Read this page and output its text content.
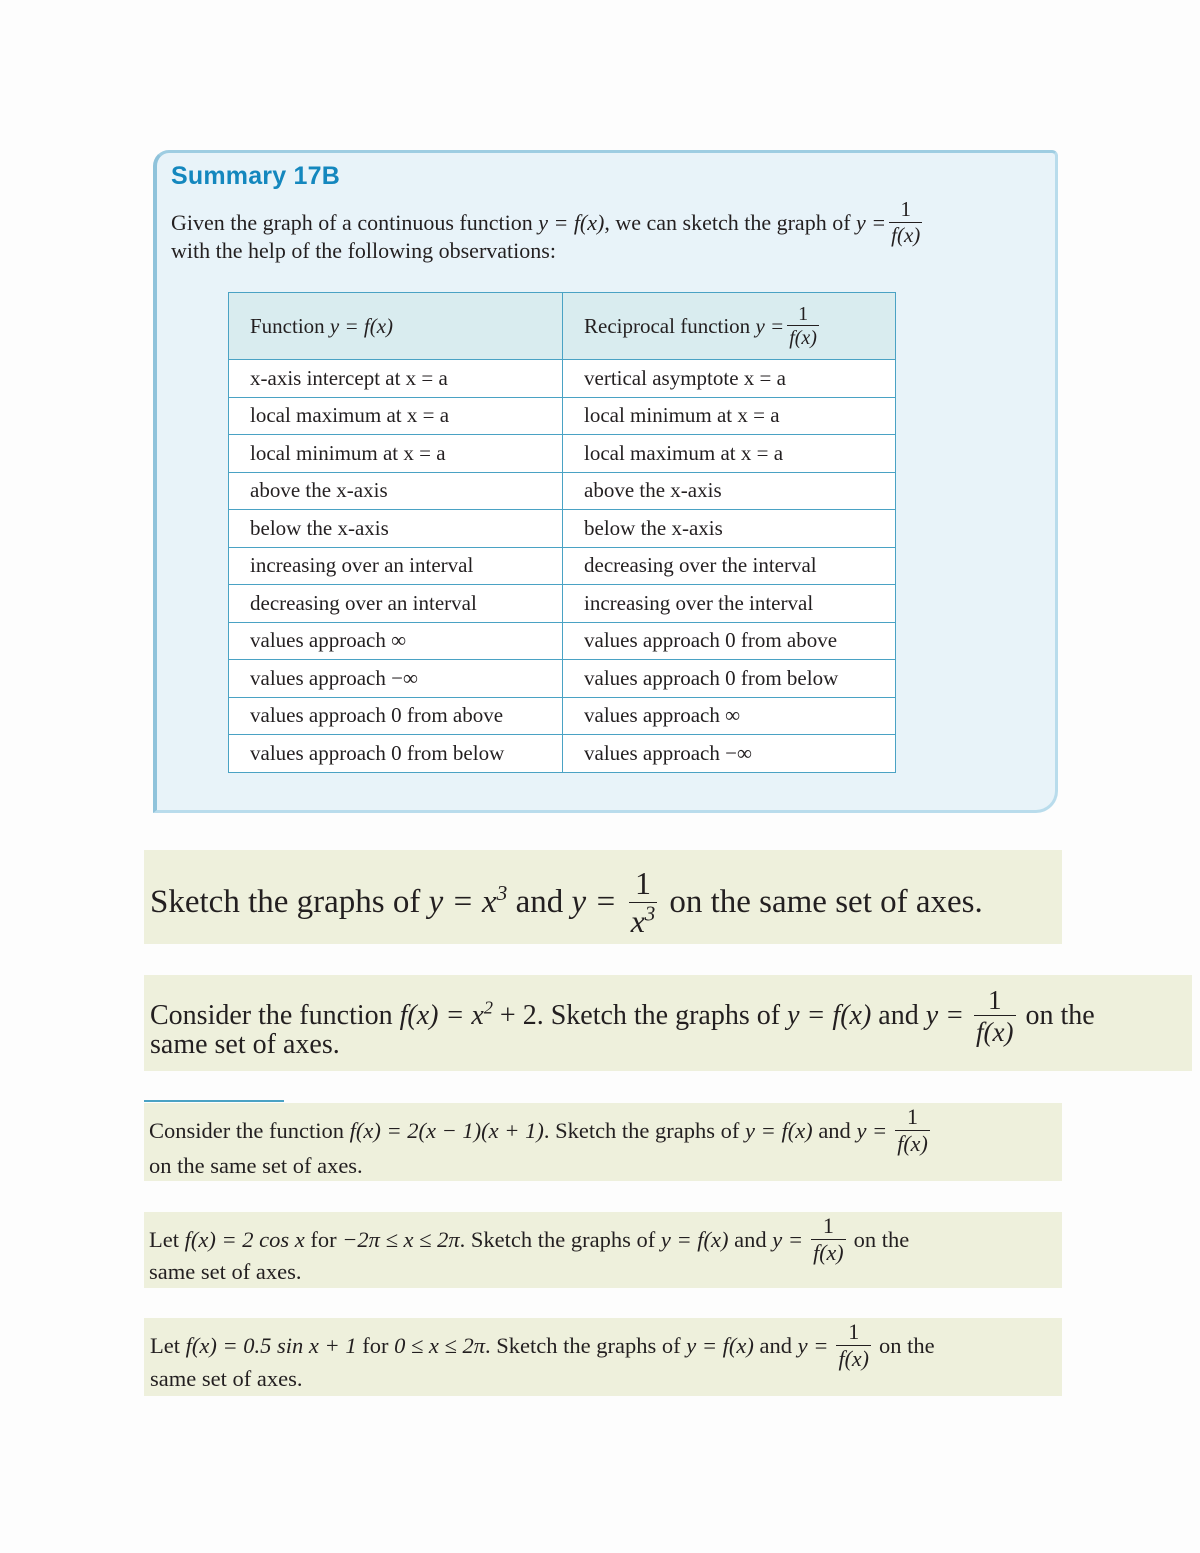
Summary 17B
Given the graph of a continuous function y = f(x) , we can sketch the graph of $y = \frac{1}{f(x)}$
with the help of the following observations:
Function y = f(x)	Reciprocal function $y = \frac{1}{f(x)}$

x-axis intercept at x = a	vertical asymptote x = a
local maximum at x = a	local minimum at x = a
local minimum at x = a	local maximum at x = a
above the x-axis	above the x-axis
below the x-axis	below the x-axis
increasing over an interval	decreasing over the interval
decreasing over an interval	increasing over the interval
values approach ∞	values approach 0 from above
values approach −∞	values approach 0 from below
values approach 0 from above	values approach ∞
values approach 0 from below	values approach −∞
Sketch the graphs of $y = x^3$ and $y = \frac{1}{x^3}$ on the same set of axes.
Consider the function $f(x) = x^2 + 2$. Sketch the graphs of y = f(x) and $y = \frac{1}{f(x)}$ on the
same set of axes.
Consider the function f(x) = 2(x − 1)(x + 1) . Sketch the graphs of y = f(x) and $y = \frac{1}{f(x)}$
on the same set of axes.
Let f(x) = 2 cos x for −2π ≤ x ≤ 2π . Sketch the graphs of y = f(x) and $y = \frac{1}{f(x)}$ on the
same set of axes.
Let f(x) = 0.5 sin x + 1 for 0 ≤ x ≤ 2π . Sketch the graphs of y = f(x) and $y = \frac{1}{f(x)}$ on the
same set of axes.
